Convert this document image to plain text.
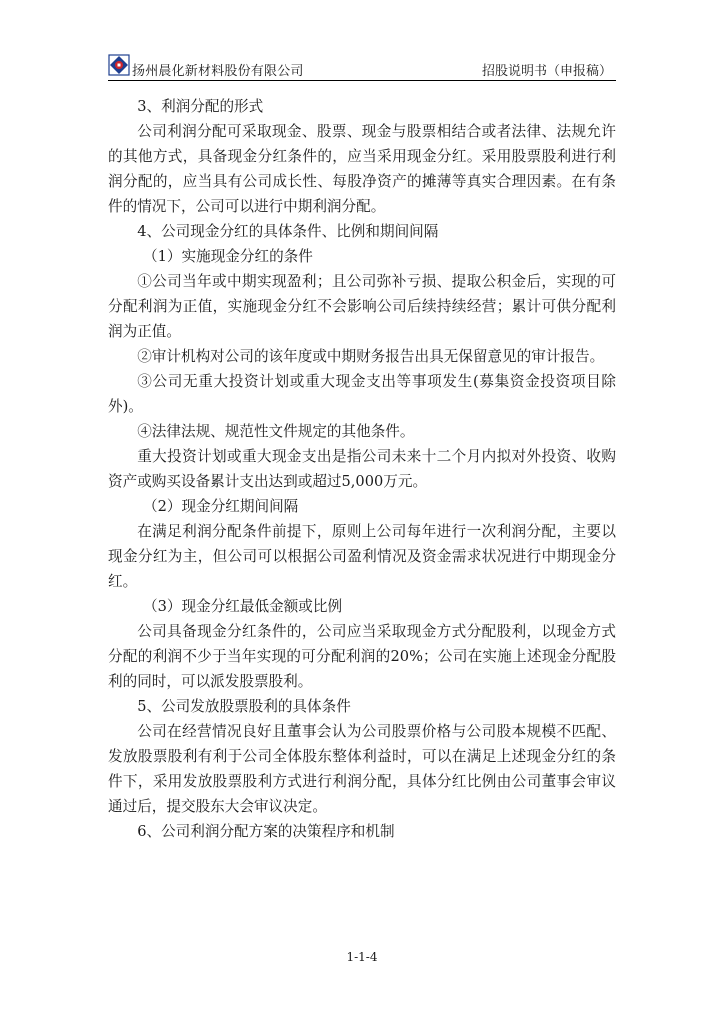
扬州晨化新材料股份有限公司	招股说明书（申报稿）

3、利润分配的形式

公司利润分配可采取现金、股票、现金与股票相结合或者法律、法规允许的其他方式，具备现金分红条件的，应当采用现金分红。采用股票股利进行利润分配的，应当具有公司成长性、每股净资产的摊薄等真实合理因素。在有条件的情况下，公司可以进行中期利润分配。

4、公司现金分红的具体条件、比例和期间间隔

（1）实施现金分红的条件

①公司当年或中期实现盈利；且公司弥补亏损、提取公积金后，实现的可分配利润为正值，实施现金分红不会影响公司后续持续经营；累计可供分配利润为正值。

②审计机构对公司的该年度或中期财务报告出具无保留意见的审计报告。

③公司无重大投资计划或重大现金支出等事项发生(募集资金投资项目除外)。

④法律法规、规范性文件规定的其他条件。

重大投资计划或重大现金支出是指公司未来十二个月内拟对外投资、收购资产或购买设备累计支出达到或超过5,000万元。

（2）现金分红期间间隔

在满足利润分配条件前提下，原则上公司每年进行一次利润分配，主要以现金分红为主，但公司可以根据公司盈利情况及资金需求状况进行中期现金分红。

（3）现金分红最低金额或比例

公司具备现金分红条件的，公司应当采取现金方式分配股利，以现金方式分配的利润不少于当年实现的可分配利润的20%；公司在实施上述现金分配股利的同时，可以派发股票股利。

5、公司发放股票股利的具体条件

公司在经营情况良好且董事会认为公司股票价格与公司股本规模不匹配、发放股票股利有利于公司全体股东整体利益时，可以在满足上述现金分红的条件下，采用发放股票股利方式进行利润分配，具体分红比例由公司董事会审议通过后，提交股东大会审议决定。

6、公司利润分配方案的决策程序和机制

1-1-4
